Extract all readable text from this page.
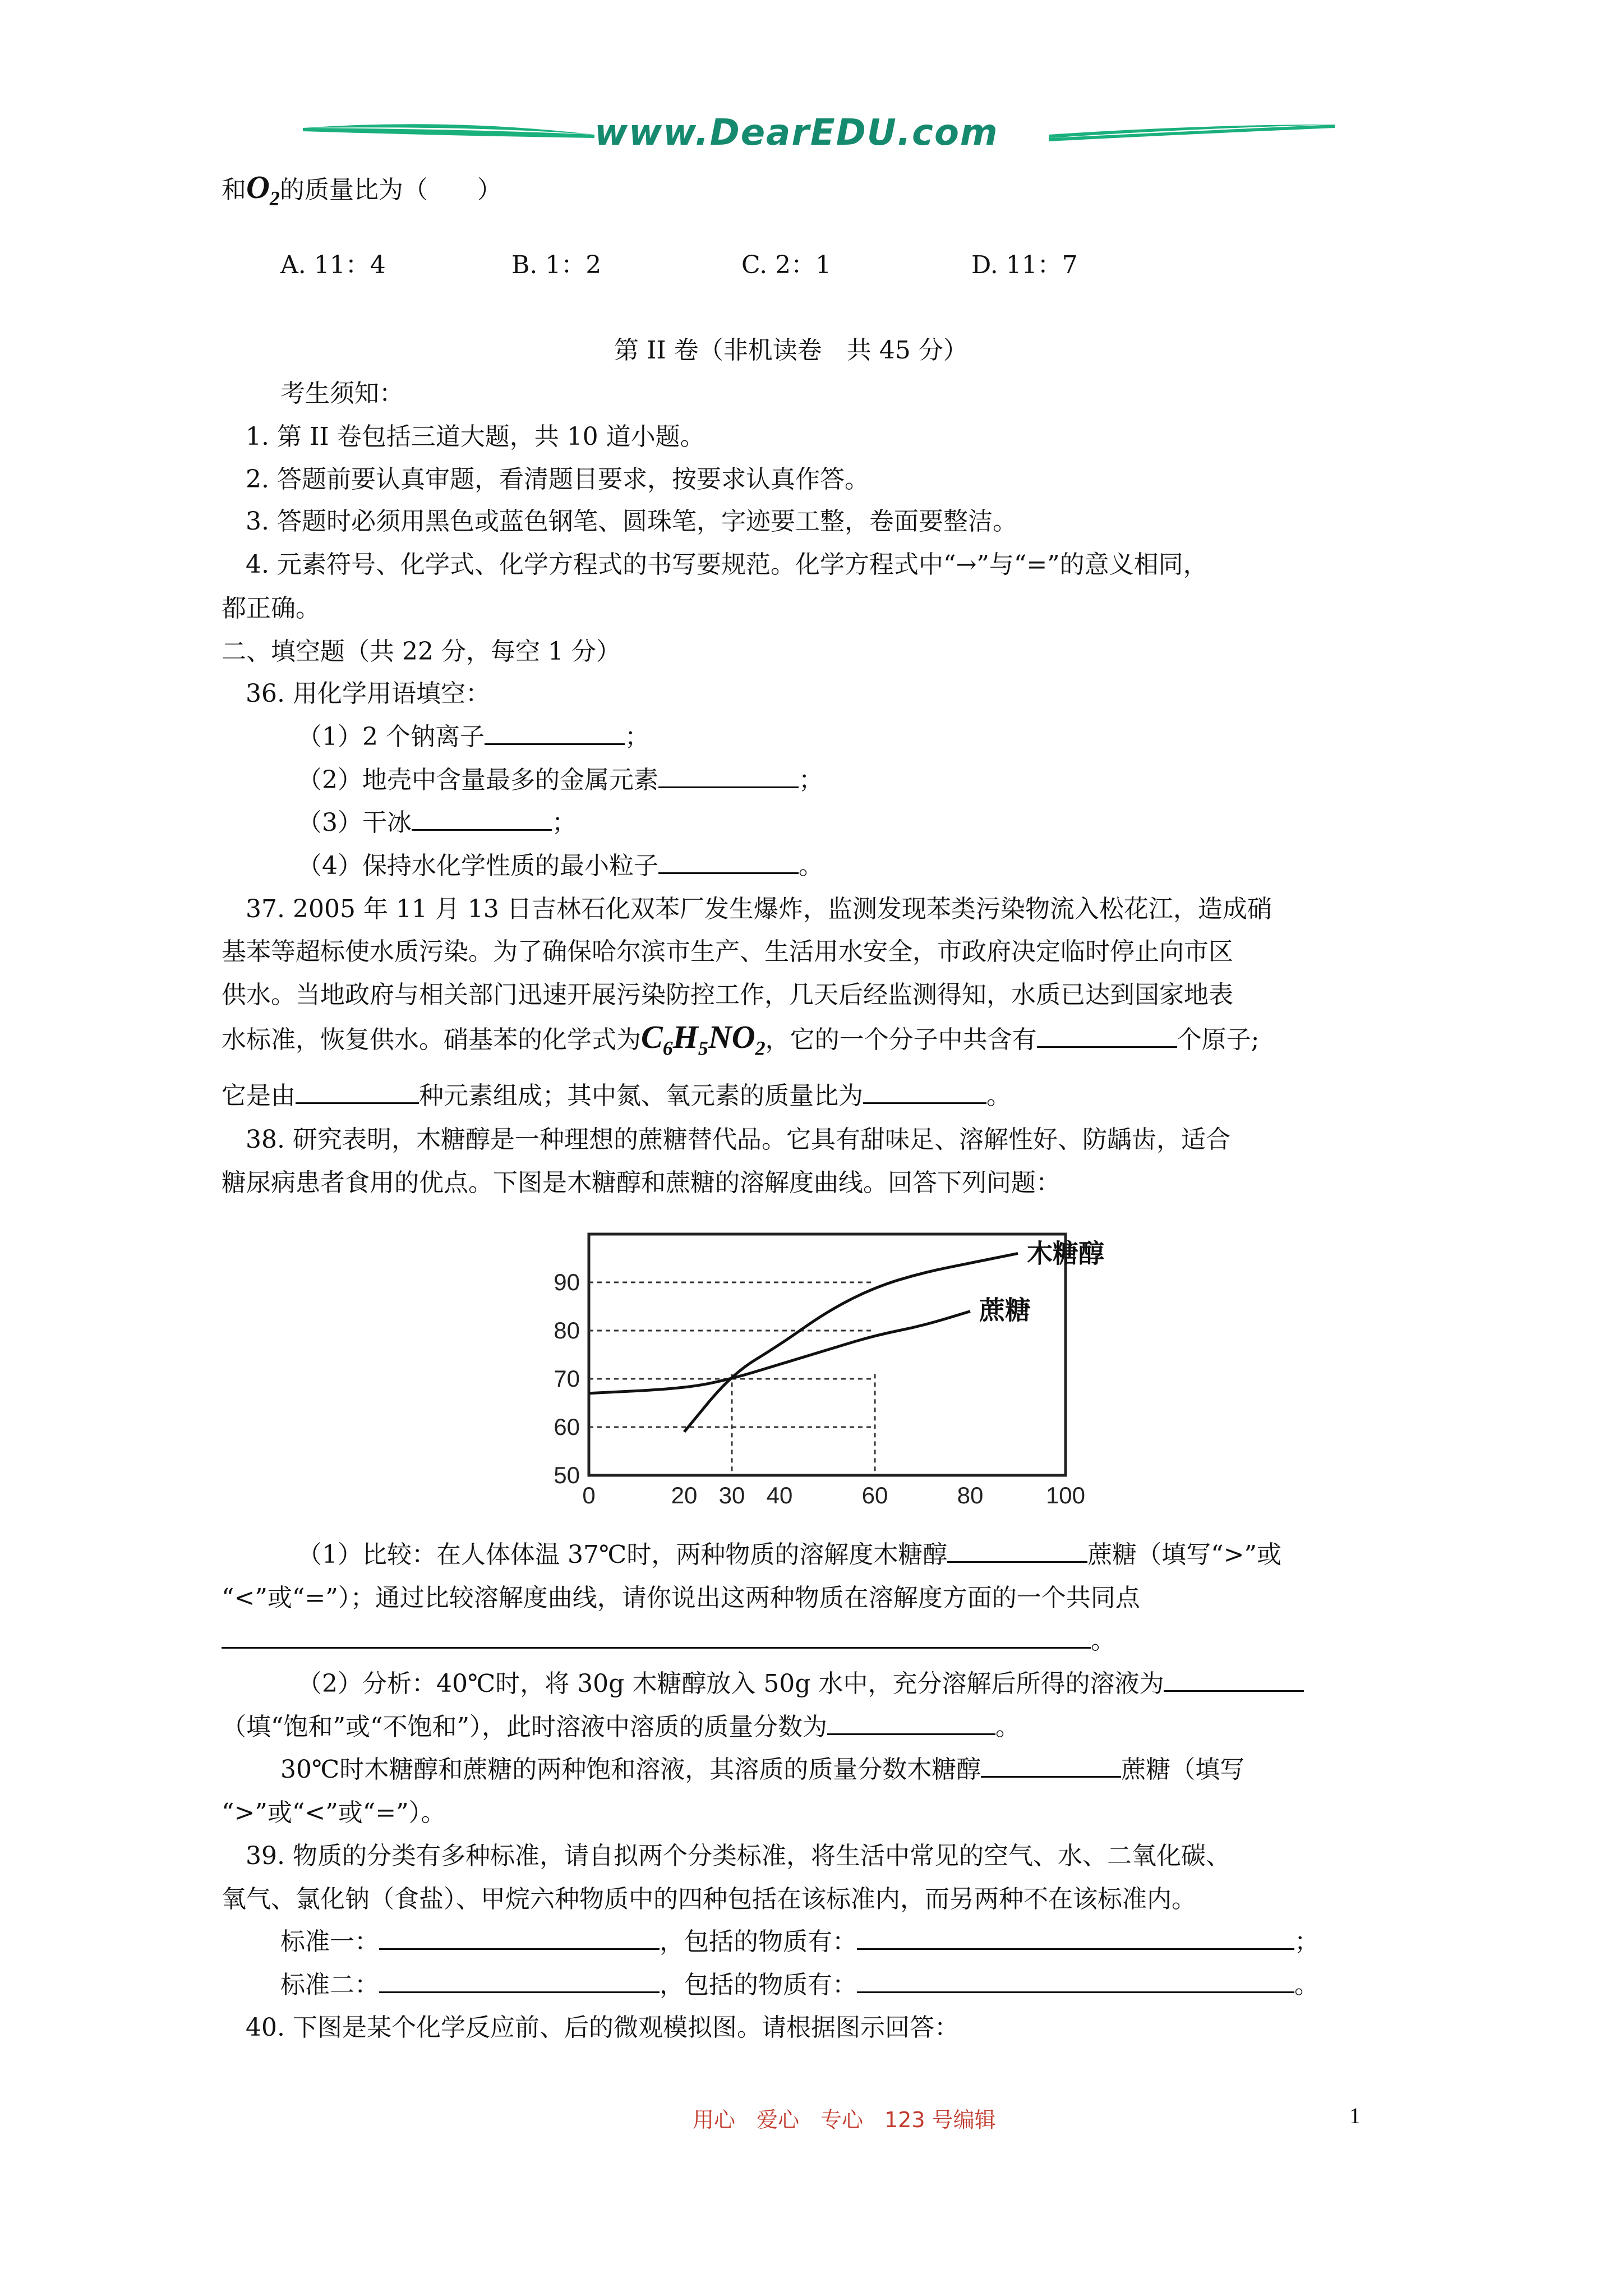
www.DearEDU.com
和$O_2$的质量比为（　　）
A. 11：4	B. 1：2	C. 2：1	D. 11：7
第 II 卷（非机读卷　共 45 分）
考生须知：
1. 第 II 卷包括三道大题，共 10 道小题。
2. 答题前要认真审题，看清题目要求，按要求认真作答。
3. 答题时必须用黑色或蓝色钢笔、圆珠笔，字迹要工整，卷面要整洁。
4. 元素符号、化学式、化学方程式的书写要规范。化学方程式中“→”与“=”的意义相同，
都正确。
二、填空题（共 22 分，每空 1 分）
36. 用化学用语填空：
（1）2 个钠离子	；
（2）地壳中含量最多的金属元素	；
（3）干冰	；
（4）保持水化学性质的最小粒子	。
37. 2005 年 11 月 13 日吉林石化双苯厂发生爆炸，监测发现苯类污染物流入松花江，造成硝
基苯等超标使水质污染。为了确保哈尔滨市生产、生活用水安全，市政府决定临时停止向市区
供水。当地政府与相关部门迅速开展污染防控工作，几天后经监测得知，水质已达到国家地表
水标准，恢复供水。硝基苯的化学式为$C_6H_5NO_2$，它的一个分子中共含有	个原子;
它是由	种元素组成；其中氮、氧元素的质量比为	。
38. 研究表明，木糖醇是一种理想的蔗糖替代品。它具有甜味足、溶解性好、防龋齿，适合
糖尿病患者食用的优点。下图是木糖醇和蔗糖的溶解度曲线。回答下列问题：
50
60
70
80
90
0	20 30 40	60	80	100
木糖醇
蔗糖
（1）比较：在人体体温 37℃时，两种物质的溶解度木糖醇	蔗糖（填写“>”或
“<”或“=”）；通过比较溶解度曲线，请你说出这两种物质在溶解度方面的一个共同点
。
（2）分析：40℃时，将 30g 木糖醇放入 50g 水中，充分溶解后所得的溶液为
（填“饱和”或“不饱和”），此时溶液中溶质的质量分数为	。
30℃时木糖醇和蔗糖的两种饱和溶液，其溶质的质量分数木糖醇	蔗糖（填写
“>”或“<”或“=”）。
39. 物质的分类有多种标准，请自拟两个分类标准，将生活中常见的空气、水、二氧化碳、
氧气、氯化钠（食盐）、甲烷六种物质中的四种包括在该标准内，而另两种不在该标准内。
标准一：	，包括的物质有：	；
标准二：	，包括的物质有：	。
40. 下图是某个化学反应前、后的微观模拟图。请根据图示回答：
用心　爱心　专心　123 号编辑	1
